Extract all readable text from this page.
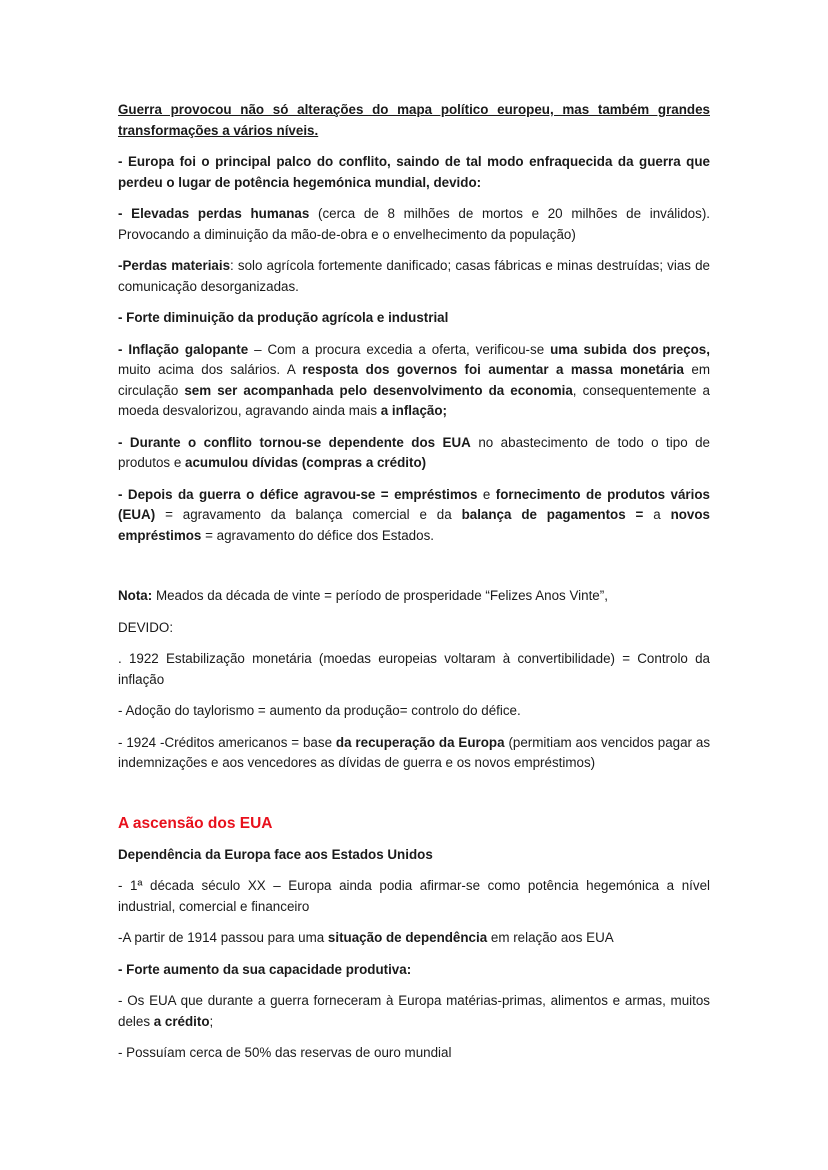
Guerra provocou não só alterações do mapa político europeu, mas também grandes transformações a vários níveis.

- Europa foi o principal palco do conflito, saindo de tal modo enfraquecida da guerra que perdeu o lugar de potência hegemónica mundial, devido:

- Elevadas perdas humanas (cerca de 8 milhões de mortos e 20 milhões de inválidos). Provocando a diminuição da mão-de-obra e o envelhecimento da população)

-Perdas materiais: solo agrícola fortemente danificado; casas fábricas e minas destruídas; vias de comunicação desorganizadas.

- Forte diminuição da produção agrícola e industrial

- Inflação galopante – Com a procura excedia a oferta, verificou-se uma subida dos preços, muito acima dos salários. A resposta dos governos foi aumentar a massa monetária em circulação sem ser acompanhada pelo desenvolvimento da economia, consequentemente a moeda desvalorizou, agravando ainda mais a inflação;

- Durante o conflito tornou-se dependente dos EUA no abastecimento de todo o tipo de produtos e acumulou dívidas (compras a crédito)

- Depois da guerra o défice agravou-se = empréstimos e fornecimento de produtos vários (EUA) = agravamento da balança comercial e da balança de pagamentos = a novos empréstimos = agravamento do défice dos Estados.

Nota: Meados da década de vinte = período de prosperidade “Felizes Anos Vinte”,

DEVIDO:

. 1922 Estabilização monetária (moedas europeias voltaram à convertibilidade) = Controlo da inflação

- Adoção do taylorismo = aumento da produção= controlo do défice.

- 1924 -Créditos americanos = base da recuperação da Europa (permitiam aos vencidos pagar as indemnizações e aos vencedores as dívidas de guerra e os novos empréstimos)

A ascensão dos EUA

Dependência da Europa face aos Estados Unidos

- 1ª década século XX – Europa ainda podia afirmar-se como potência hegemónica a nível industrial, comercial e financeiro

-A partir de 1914 passou para uma situação de dependência em relação aos EUA

- Forte aumento da sua capacidade produtiva:

- Os EUA que durante a guerra forneceram à Europa matérias-primas, alimentos e armas, muitos deles a crédito;

- Possuíam cerca de 50% das reservas de ouro mundial
